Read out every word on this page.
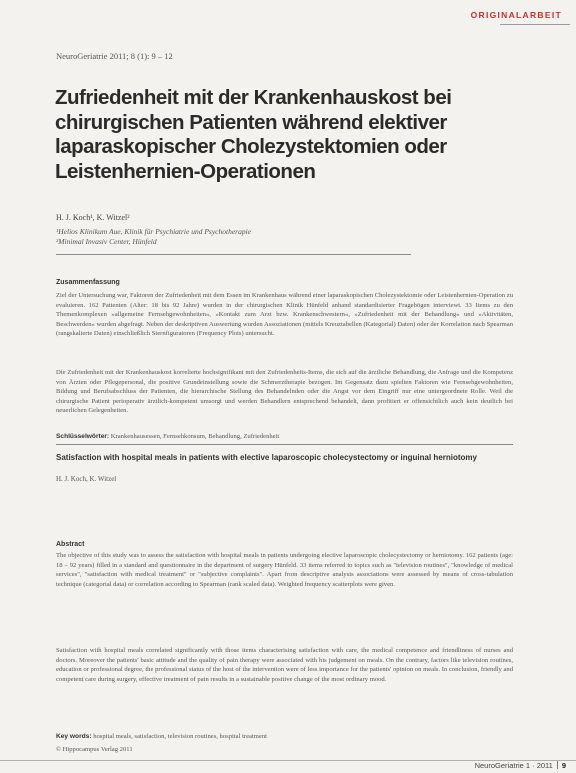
ORIGINALARBEIT
NeuroGeriatrie 2011; 8 (1): 9 – 12
Zufriedenheit mit der Krankenhauskost bei chirurgischen Patienten während elektiver laparaskopischer Cholezystektomien oder Leistenhernien-Operationen
H. J. Koch¹, K. Witzel²
¹Helios Klinikum Aue, Klinik für Psychiatrie und Psychotherapie
²Minimal Invasiv Center, Hünfeld
Zusammenfassung
Ziel der Untersuchung war, Faktoren der Zufriedenheit mit dem Essen im Krankenhaus während einer laparaskopischen Cholezystektomie oder Leistenhernien-Operation zu evaluieren. 162 Patienten (Alter: 18 bis 92 Jahre) wurden in der chirurgischen Klinik Hünfeld anhand standardisierter Fragebögen interviewt. 33 Items zu den Themenkomplexen »allgemeine Fernsehgewohnheiten«, »Kontakt zum Arzt bzw. Krankenschwestern«, »Zufriedenheit mit der Behandlung« und »Aktivitäten, Beschwerden« wurden abgefragt. Neben der deskriptiven Auswertung wurden Assoziationen (mittels Kreuztabellen (Kategorial) Daten) oder der Korrelation nach Spearman (rangskalierte Daten) einschließlich Sternfiguratoren (Frequency Plots) untersucht.
Die Zufriedenheit mit der Krankenhauskost korrelierte hochsignifikant mit den Zufriedenheits-Items, die sich auf die ärztliche Behandlung, die Anfrage und die Kompetenz von Ärzten oder Pflegepersonal, die positive Grundeinstellung sowie die Schmerztherapie bezogen. Im Gegensatz dazu spielten Faktoren wie Fernsehgewohnheiten, Bildung und Berufsabschluss der Patienten, die hierarchische Stellung des Behandelnden oder die Angst vor dem Eingriff nur eine untergeordnete Rolle. Weil die chirurgische Patient perioperativ ärztlich-kompetent umsorgt und werden Behandlern entsprechend behandelt, dann profitiert er offensichtlich auch kein deutlich bei neuerlichen Gelegenheiten.
Schlüsselwörter: Krankenhausessen, Fernsehkonsum, Behandlung, Zufriedenheit
Satisfaction with hospital meals in patients with elective laparoscopic cholecystectomy or inguinal herniotomy
H. J. Koch, K. Witzel
Abstract
The objective of this study was to assess the satisfaction with hospital meals in patients undergoing elective laparoscopic cholecystectomy or herniotomy. 162 patients (age: 18 – 92 years) filled in a standard and questionnaire in the department of surgery Hünfeld. 33 items referred to topics such as "television routines", "knowledge of medical services", "satisfaction with medical treatment" or "subjective complaints". Apart from descriptive analysis associations were assessed by means of cross-tabulation technique (categorial data) or correlation according to Spearman (rank scaled data). Weighted frequency scatterplots were given.
Satisfaction with hospital meals correlated significantly with those items characterising satisfaction with care, the medical competence and friendliness of nurses and doctors. Moreover the patients' basic attitude and the quality of pain therapy were associated with his judgement on meals. On the contrary, factors like television routines, education or professional degree, the professional status of the host of the intervention were of less importance for the patients' opinion on meals. In conclusion, friendly and competent care during surgery, effective treatment of pain results in a sustainable positive change of the most ordinary mood.
Key words: hospital meals, satisfaction, television routines, hospital treatment
© Hippocampus Verlag 2011
NeuroGeriatrie 1 · 2011 9
